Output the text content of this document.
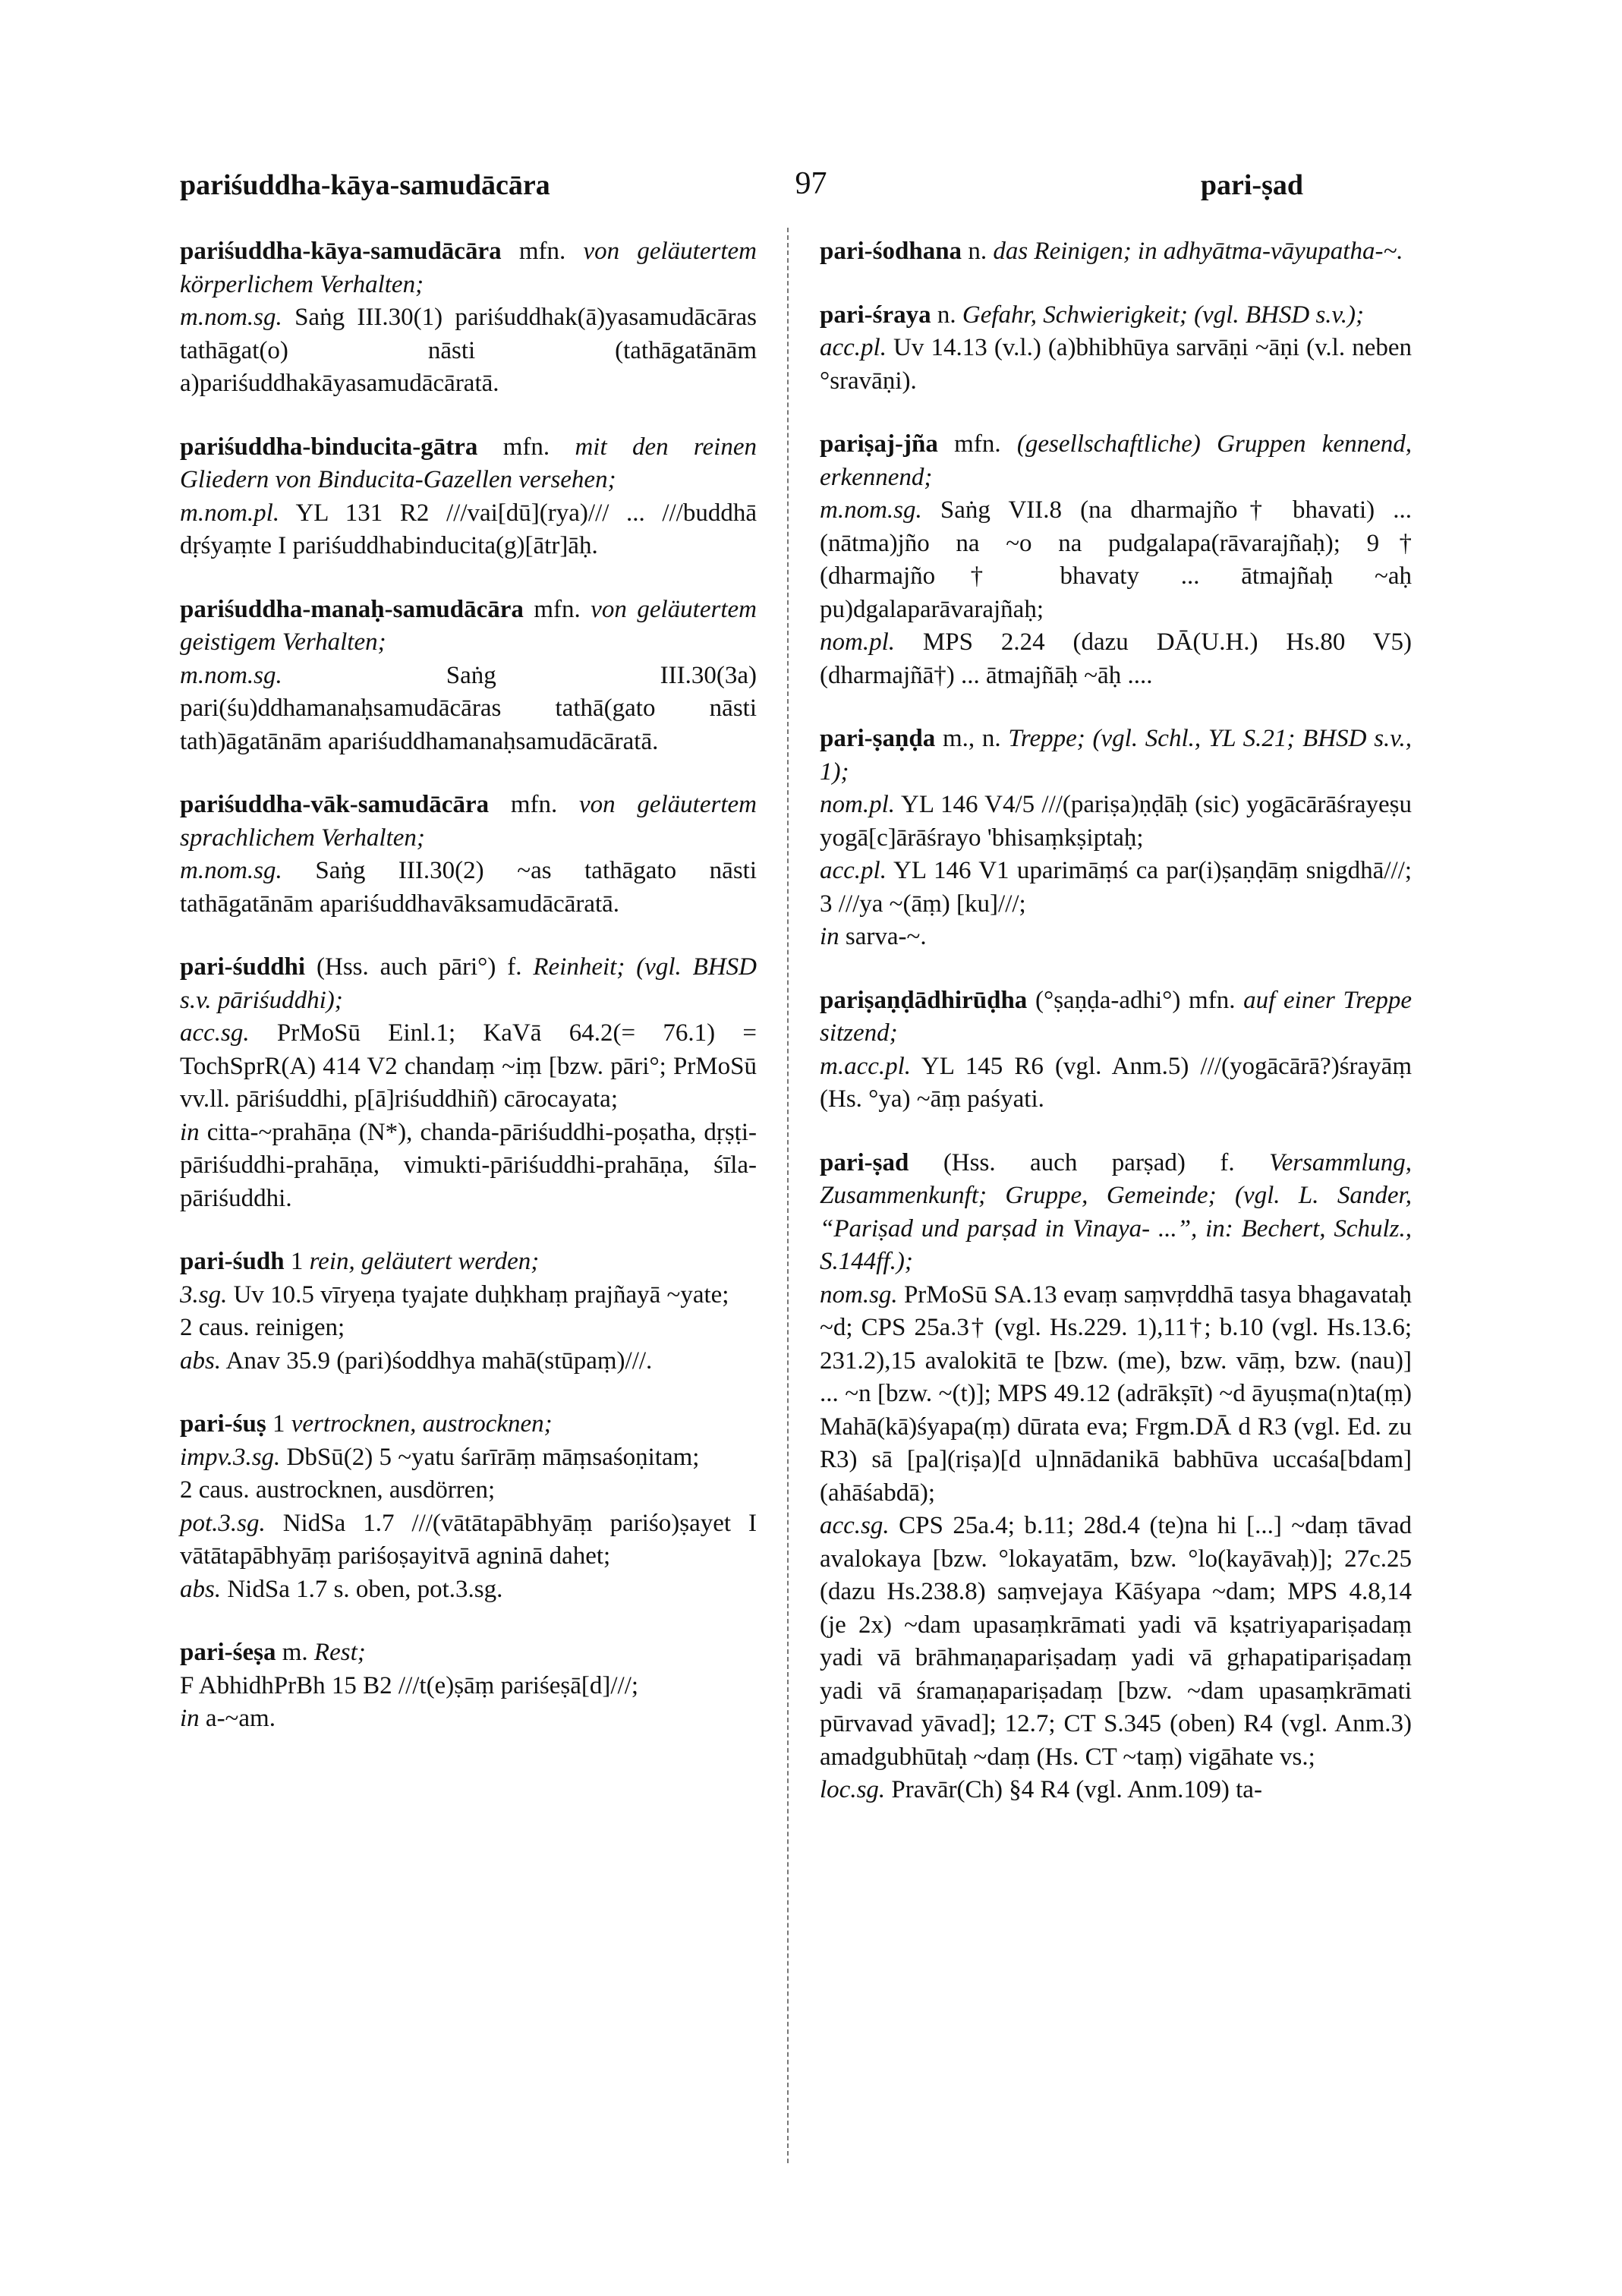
pariśuddha-kāya-samudācāra	97	pari-ṣad

pariśuddha-kāya-samudācāra mfn. von geläutertem körperlichem Verhalten;

m.nom.sg. Saṅg III.30(1) pariśuddhak(ā)yasamudācāras tathāgat(o) nāsti (tathāgatānām a)pariśuddhakāyasamudācāratā.

pariśuddha-binducita-gātra mfn. mit den reinen Gliedern von Binducita-Gazellen versehen;

m.nom.pl. YL 131 R2 ///vai[dū](rya)/// ... ///buddhā dṛśyaṃte I pariśuddhabinducita(g)[ātr]āḥ.

pariśuddha-manaḥ-samudācāra mfn. von geläutertem geistigem Verhalten;

m.nom.sg. Saṅg III.30(3a) pari(śu)ddhamanaḥsamudācāras tathā(gato nāsti tath)āgatānām apariśuddhamanaḥsamudācāratā.

pariśuddha-vāk-samudācāra mfn. von geläutertem sprachlichem Verhalten;

m.nom.sg. Saṅg III.30(2) ~as tathāgato nāsti tathāgatānām apariśuddhavāksamudācāratā.

pari-śuddhi (Hss. auch pāri°) f. Reinheit; (vgl. BHSD s.v. pāriśuddhi);

acc.sg. PrMoSū Einl.1; KaVā 64.2(= 76.1) = TochSprR(A) 414 V2 chandaṃ ~iṃ [bzw. pāri°; PrMoSū vv.ll. pāriśuddhi, p[ā]riśuddhiñ) cārocayata;

in citta-~prahāṇa (N*), chanda-pāriśuddhi-poṣatha, dṛṣṭi-pāriśuddhi-prahāṇa, vimukti-pāriśuddhi-prahāṇa, śīla-pāriśuddhi.

pari-śudh 1 rein, geläutert werden;

3.sg. Uv 10.5 vīryeṇa tyajate duḥkhaṃ prajñayā ~yate;

2 caus. reinigen;

abs. Anav 35.9 (pari)śoddhya mahā(stūpaṃ)///.

pari-śuṣ 1 vertrocknen, austrocknen;

impv.3.sg. DbSū(2) 5 ~yatu śarīrāṃ māṃsaśoṇitam;

2 caus. austrocknen, ausdörren;

pot.3.sg. NidSa 1.7 ///(vātātapābhyāṃ pariśo)ṣayet I vātātapābhyāṃ pariśoṣayitvā agninā dahet;

abs. NidSa 1.7 s. oben, pot.3.sg.

pari-śeṣa m. Rest;

F AbhidhPrBh 15 B2 ///t(e)ṣāṃ pariśeṣā[d]///;

in a-~am.

pari-śodhana n. das Reinigen; in adhyātma-vāyupatha-~.

pari-śraya n. Gefahr, Schwierigkeit; (vgl. BHSD s.v.);

acc.pl. Uv 14.13 (v.l.) (a)bhibhūya sarvāṇi ~āṇi (v.l. neben °sravāṇi).

pariṣaj-jña mfn. (gesellschaftliche) Gruppen kennend, erkennend;

m.nom.sg. Saṅg VII.8 (na dharmajño† bhavati) ... (nātma)jño na ~o na pudgalapa(rāvarajñaḥ); 9† (dharmajño† bhavaty ... ātmajñaḥ ~aḥ pu)dgalaparāvarajñaḥ;

nom.pl. MPS 2.24 (dazu DĀ(U.H.) Hs.80 V5) (dharmajñā†) ... ātmajñāḥ ~āḥ ....

pari-ṣaṇḍa m., n. Treppe; (vgl. Schl., YL S.21; BHSD s.v., 1);

nom.pl. YL 146 V4/5 ///(pariṣa)ṇḍāḥ (sic) yogācārāśrayeṣu yogā[c]ārāśrayo 'bhisaṃkṣiptaḥ;

acc.pl. YL 146 V1 uparimāṃś ca par(i)ṣaṇḍāṃ snigdhā///; 3 ///ya ~(āṃ) [ku]///;

in sarva-~.

pariṣaṇḍādhirūḍha (°ṣaṇḍa-adhi°) mfn. auf einer Treppe sitzend;

m.acc.pl. YL 145 R6 (vgl. Anm.5) ///(yogācārā?)śrayāṃ (Hs. °ya) ~āṃ paśyati.

pari-ṣad (Hss. auch parṣad) f. Versammlung, Zusammenkunft; Gruppe, Gemeinde; (vgl. L. Sander, “Pariṣad und parṣad in Vinaya- ...”, in: Bechert, Schulz., S.144ff.);

nom.sg. PrMoSū SA.13 evaṃ saṃvṛddhā tasya bhagavataḥ ~d; CPS 25a.3† (vgl. Hs.229. 1),11†; b.10 (vgl. Hs.13.6; 231.2),15 avalokitā te [bzw. (me), bzw. vāṃ, bzw. (nau)] ... ~n [bzw. ~(t)]; MPS 49.12 (adrākṣīt) ~d āyuṣma(n)ta(ṃ) Mahā(kā)śyapa(ṃ) dūrata eva; Frgm.DĀ d R3 (vgl. Ed. zu R3) sā [pa](riṣa)[d u]nnādanikā babhūva uccaśa[bdam](ahāśabdā);

acc.sg. CPS 25a.4; b.11; 28d.4 (te)na hi [...] ~daṃ tāvad avalokaya [bzw. °lokayatām, bzw. °lo(kayāvaḥ)]; 27c.25 (dazu Hs.238.8) saṃvejaya Kāśyapa ~dam; MPS 4.8,14 (je 2x) ~dam upasaṃkrāmati yadi vā kṣatriyapariṣadaṃ yadi vā brāhmaṇapariṣadaṃ yadi vā gṛhapatipariṣadaṃ yadi vā śramaṇapariṣadaṃ [bzw. ~dam upasaṃkrāmati pūrvavad yāvad]; 12.7; CT S.345 (oben) R4 (vgl. Anm.3) amadgubhūtaḥ ~daṃ (Hs. CT ~taṃ) vigāhate vs.;

loc.sg. Pravār(Ch) §4 R4 (vgl. Anm.109) ta-
